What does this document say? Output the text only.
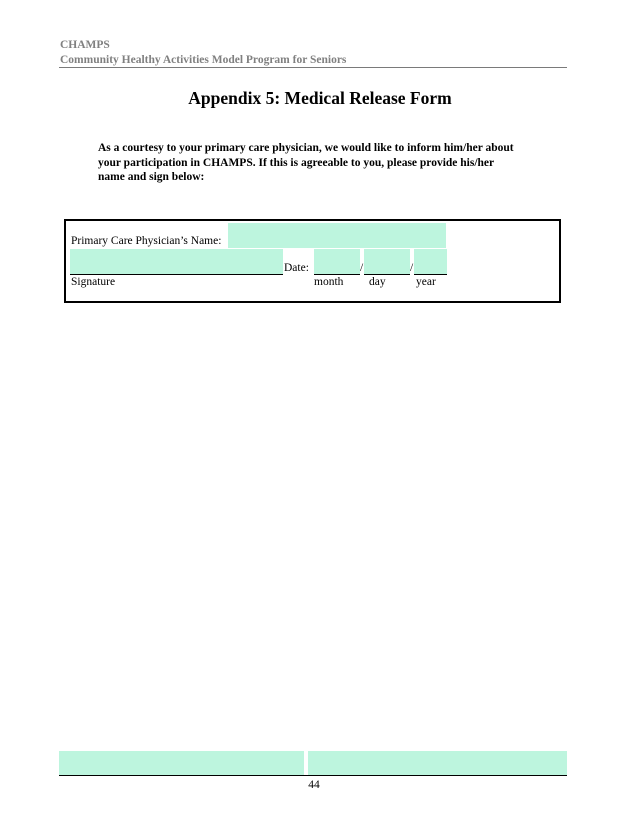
CHAMPS
Community Healthy Activities Model Program for Seniors
Appendix 5: Medical Release Form
As a courtesy to your primary care physician, we would like to inform him/her about
your participation in CHAMPS. If this is agreeable to you, please provide his/her
name and sign below:
Primary Care Physician’s Name:
Date:	/	/
Signature	month day	year
44
